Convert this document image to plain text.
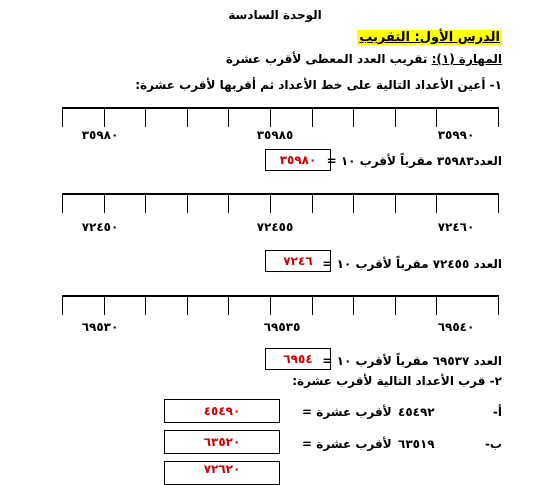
الوحدة السادسة
الدرس الأول: التقريب
المهارة (١): تقريب العدد المعطى لأقرب عشرة
١- أعين الأعداد التالية على خط الأعداد ثم أقربها لأقرب عشرة:
٣٥٩٩٠
٣٥٩٨٥
٣٥٩٨٠
العدد٣٥٩٨٣ مقرباً لأقرب ١٠ =
٣٥٩٨٠
٧٢٤٦٠
٧٢٤٥٥
٧٢٤٥٠
العدد ٧٢٤٥٥ مقرباً لأقرب ١٠ =
٧٢٤٦
٦٩٥٤٠
٦٩٥٣٥
٦٩٥٣٠
٦٩٥٤ العدد ٦٩٥٣٧ مقرباً لأقرب ١٠ =
٢- قرب الأعداد التالية لأقرب عشرة:
أ-
٤٥٤٩٢
لأقرب عشرة =
٤٥٤٩٠
ب-
٦٣٥١٩
لأقرب عشرة =
٦٣٥٢٠
٧٢٦٢٠
